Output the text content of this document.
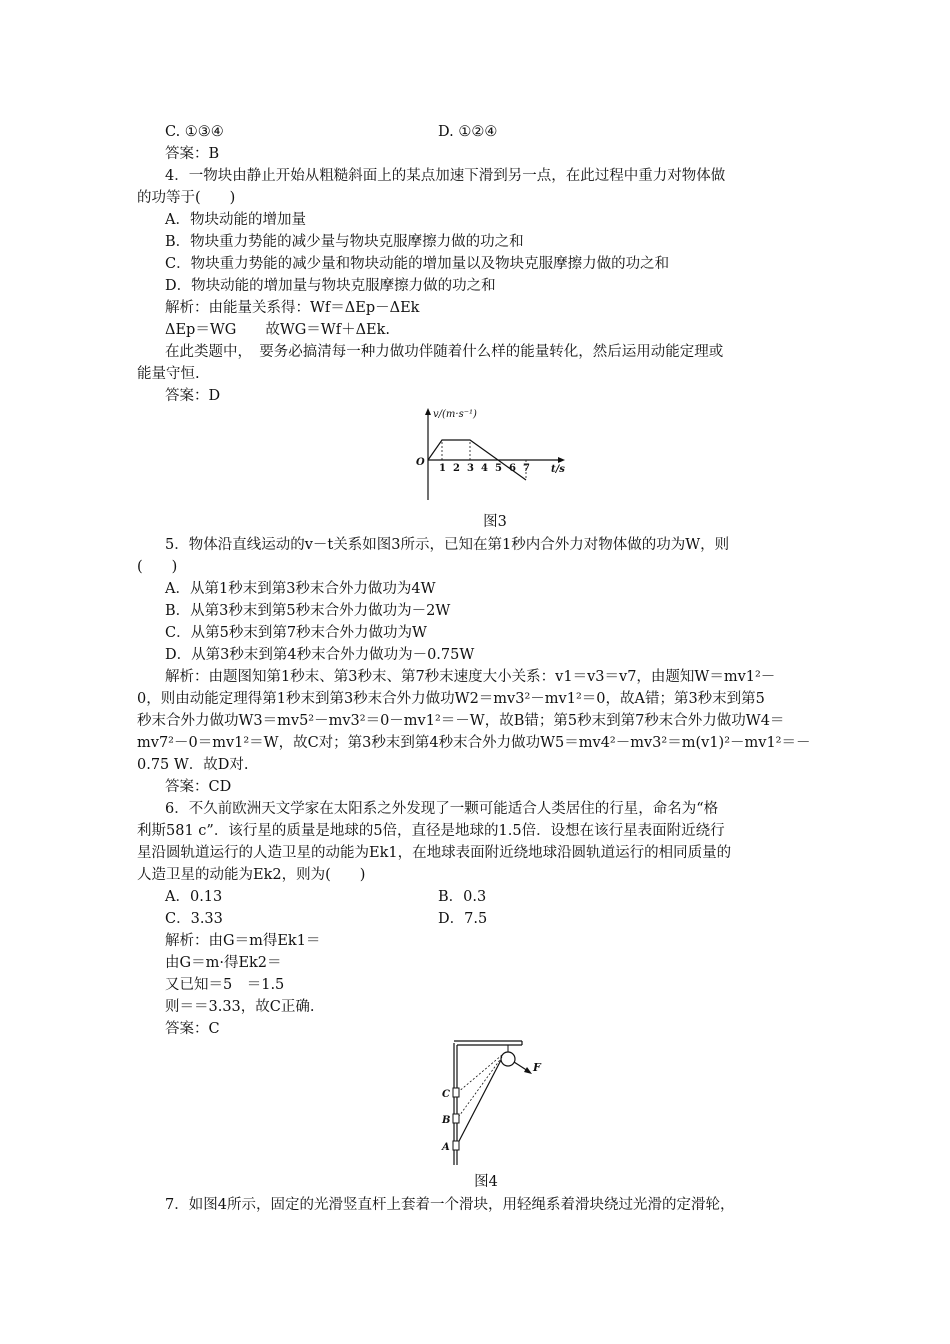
C. ①③④	D. ①②④
答案：B
4．一物块由静止开始从粗糙斜面上的某点加速下滑到另一点，在此过程中重力对物体做
的功等于(　　)
A．物块动能的增加量
B．物块重力势能的减少量与物块克服摩擦力做的功之和
C．物块重力势能的减少量和物块动能的增加量以及物块克服摩擦力做的功之和
D．物块动能的增加量与物块克服摩擦力做的功之和
解析：由能量关系得：Wf＝ΔEp－ΔEk
ΔEp＝WG　　故WG＝Wf＋ΔEk.
在此类题中，　要务必搞清每一种力做功伴随着什么样的能量转化，然后运用动能定理或
能量守恒.
答案：D
v/(m·s⁻¹)
t/s
O
1 2 3 4 5 6 7
图3
5．物体沿直线运动的v－t关系如图3所示，已知在第1秒内合外力对物体做的功为W，则
(　　)
A．从第1秒末到第3秒末合外力做功为4W
B．从第3秒末到第5秒末合外力做功为－2W
C．从第5秒末到第7秒末合外力做功为W
D．从第3秒末到第4秒末合外力做功为－0.75W
解析：由题图知第1秒末、第3秒末、第7秒末速度大小关系：v1＝v3＝v7，由题知W＝mv1²－
0，则由动能定理得第1秒末到第3秒末合外力做功W2＝mv3²－mv1²＝0，故A错；第3秒末到第5
秒末合外力做功W3＝mv5²－mv3²＝0－mv1²＝－W，故B错；第5秒末到第7秒末合外力做功W4＝
mv7²－0＝mv1²＝W，故C对；第3秒末到第4秒末合外力做功W5＝mv4²－mv3²＝m(v1)²－mv1²＝－
0.75 W．故D对.
答案：CD
6．不久前欧洲天文学家在太阳系之外发现了一颗可能适合人类居住的行星，命名为“格
利斯581 c”．该行星的质量是地球的5倍，直径是地球的1.5倍．设想在该行星表面附近绕行
星沿圆轨道运行的人造卫星的动能为Ek1，在地球表面附近绕地球沿圆轨道运行的相同质量的
人造卫星的动能为Ek2，则为(　　)
A．0.13	B．0.3
C．3.33	D．7.5
解析：由G＝m得Ek1＝
由G＝m·得Ek2＝
又已知＝5　＝1.5
则＝＝3.33，故C正确.
答案：C
F
C
B
A
图4
7．如图4所示，固定的光滑竖直杆上套着一个滑块，用轻绳系着滑块绕过光滑的定滑轮，
